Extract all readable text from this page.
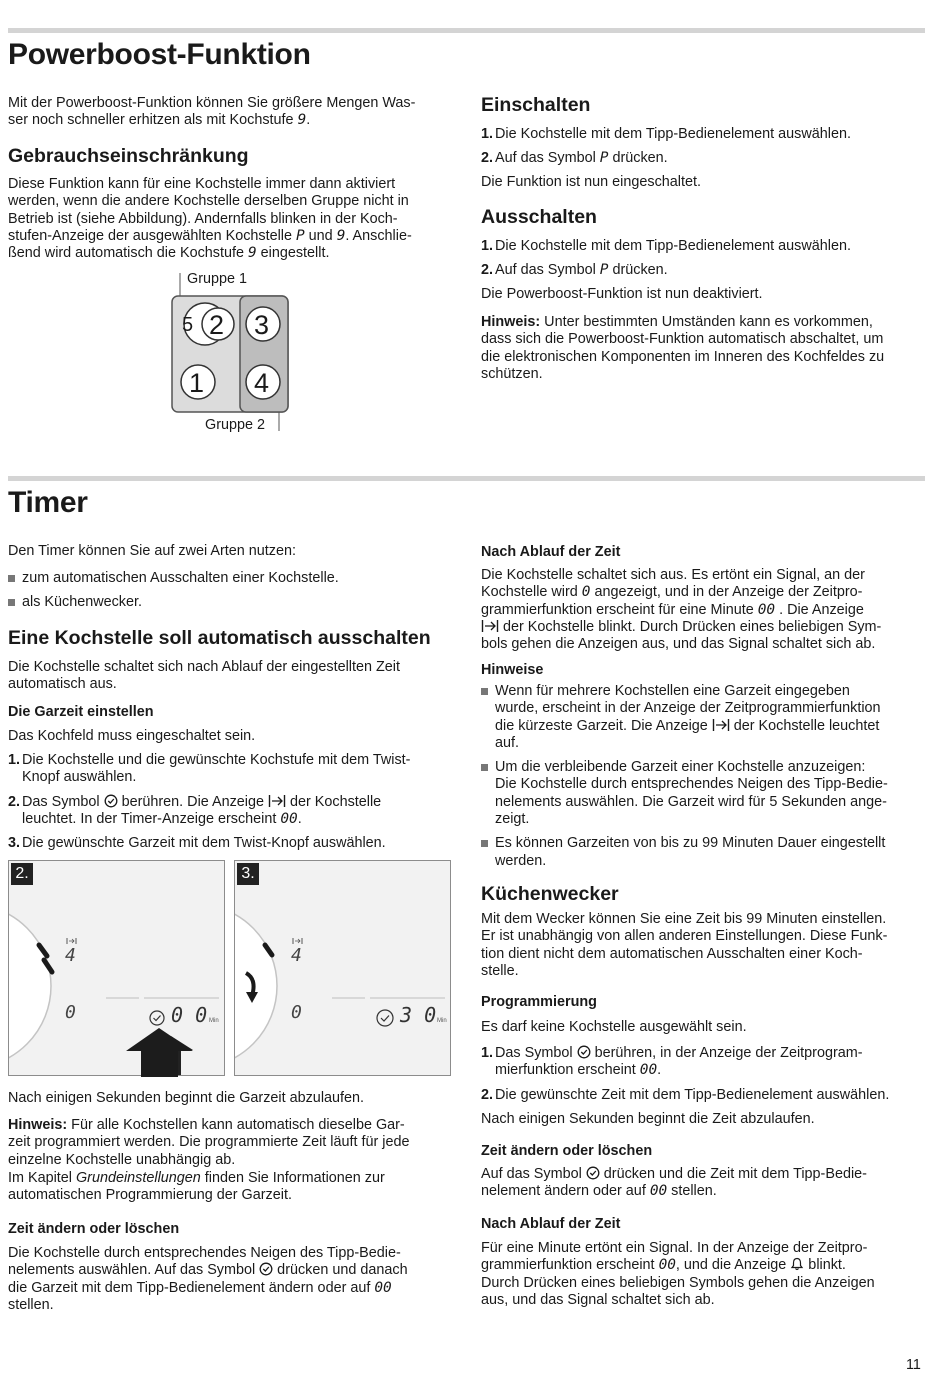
Powerboost-Funktion
Mit der Powerboost-Funktion können Sie größere Mengen Was-
ser noch schneller erhitzen als mit Kochstufe 9.
Gebrauchseinschränkung
Diese Funktion kann für eine Kochstelle immer dann aktiviert
werden, wenn die andere Kochstelle derselben Gruppe nicht in
Betrieb ist (siehe Abbildung). Andernfalls blinken in der Koch-
stufen-Anzeige der ausgewählten Kochstelle P und 9. Anschlie-
ßend wird automatisch die Kochstufe 9 eingestellt.
Gruppe 1
Gruppe 2
5 2 3
1 4
Einschalten
1. Die Kochstelle mit dem Tipp-Bedienelement auswählen.
2. Auf das Symbol P drücken.
Die Funktion ist nun eingeschaltet.
Ausschalten
1. Die Kochstelle mit dem Tipp-Bedienelement auswählen.
2. Auf das Symbol P drücken.
Die Powerboost-Funktion ist nun deaktiviert.
Hinweis: Unter bestimmten Umständen kann es vorkommen,
dass sich die Powerboost-Funktion automatisch abschaltet, um
die elektronischen Komponenten im Inneren des Kochfeldes zu
schützen.
Timer
Den Timer können Sie auf zwei Arten nutzen:
zum automatischen Ausschalten einer Kochstelle.
als Küchenwecker.
Eine Kochstelle soll automatisch ausschalten
Die Kochstelle schaltet sich nach Ablauf der eingestellten Zeit
automatisch aus.
Die Garzeit einstellen
Das Kochfeld muss eingeschaltet sein.
1. Die Kochstelle und die gewünschte Kochstufe mit dem Twist-
Knopf auswählen.
2. Das Symbol  berühren. Die Anzeige  der Kochstelle
leuchtet. In der Timer-Anzeige erscheint 00.
3. Die gewünschte Garzeit mit dem Twist-Knopf auswählen.
2.
4
0	0 0 Min
3.
4
0	3 0 Min
Nach einigen Sekunden beginnt die Garzeit abzulaufen.
Hinweis: Für alle Kochstellen kann automatisch dieselbe Gar-
zeit programmiert werden. Die programmierte Zeit läuft für jede
einzelne Kochstelle unabhängig ab.
Im Kapitel Grundeinstellungen finden Sie Informationen zur
automatischen Programmierung der Garzeit.
Zeit ändern oder löschen
Die Kochstelle durch entsprechendes Neigen des Tipp-Bedie-
nelements auswählen. Auf das Symbol  drücken und danach
die Garzeit mit dem Tipp-Bedienelement ändern oder auf 00
stellen.
Nach Ablauf der Zeit
Die Kochstelle schaltet sich aus. Es ertönt ein Signal, an der
Kochstelle wird 0 angezeigt, und in der Anzeige der Zeitpro-
grammierfunktion erscheint für eine Minute 00 . Die Anzeige
der Kochstelle blinkt. Durch Drücken eines beliebigen Sym-
bols gehen die Anzeigen aus, und das Signal schaltet sich ab.
Hinweise
Wenn für mehrere Kochstellen eine Garzeit eingegeben
wurde, erscheint in der Anzeige der Zeitprogrammierfunktion
die kürzeste Garzeit. Die Anzeige  der Kochstelle leuchtet
auf.
Um die verbleibende Garzeit einer Kochstelle anzuzeigen:
Die Kochstelle durch entsprechendes Neigen des Tipp-Bedie-
nelements auswählen. Die Garzeit wird für 5 Sekunden ange-
zeigt.
Es können Garzeiten von bis zu 99 Minuten Dauer eingestellt
werden.
Küchenwecker
Mit dem Wecker können Sie eine Zeit bis 99 Minuten einstellen.
Er ist unabhängig von allen anderen Einstellungen. Diese Funk-
tion dient nicht dem automatischen Ausschalten einer Koch-
stelle.
Programmierung
Es darf keine Kochstelle ausgewählt sein.
1. Das Symbol  berühren, in der Anzeige der Zeitprogram-
mierfunktion erscheint 00.
2. Die gewünschte Zeit mit dem Tipp-Bedienelement auswählen.
Nach einigen Sekunden beginnt die Zeit abzulaufen.
Zeit ändern oder löschen
Auf das Symbol  drücken und die Zeit mit dem Tipp-Bedie-
nelement ändern oder auf 00 stellen.
Nach Ablauf der Zeit
Für eine Minute ertönt ein Signal. In der Anzeige der Zeitpro-
grammierfunktion erscheint 00, und die Anzeige  blinkt.
Durch Drücken eines beliebigen Symbols gehen die Anzeigen
aus, und das Signal schaltet sich ab.
11
